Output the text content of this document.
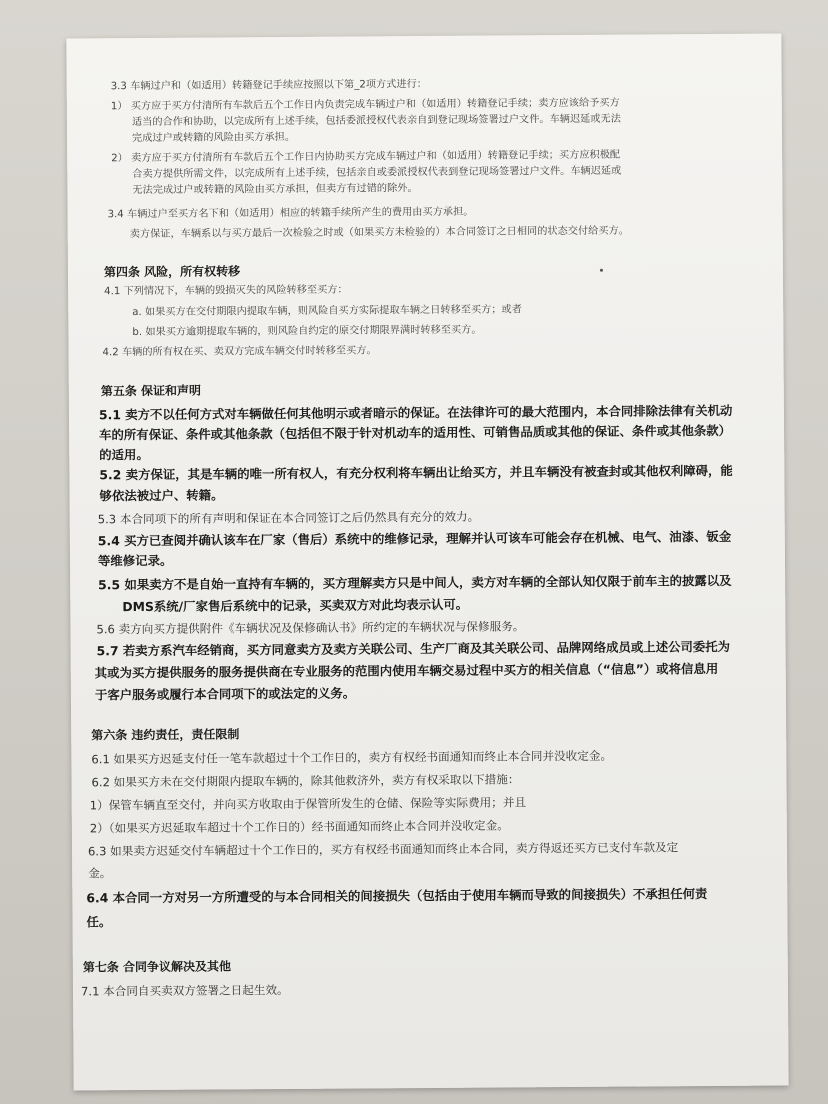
3.3 车辆过户和（如适用）转籍登记手续应按照以下第_2项方式进行：
1） 买方应于买方付清所有车款后五个工作日内负责完成车辆过户和（如适用）转籍登记手续；卖方应该给予买方
适当的合作和协助，以完成所有上述手续，包括委派授权代表亲自到登记现场签署过户文件。车辆迟延或无法
完成过户或转籍的风险由买方承担。
2） 卖方应于买方付清所有车款后五个工作日内协助买方完成车辆过户和（如适用）转籍登记手续；买方应积极配
合卖方提供所需文件，以完成所有上述手续，包括亲自或委派授权代表到登记现场签署过户文件。车辆迟延或
无法完成过户或转籍的风险由买方承担，但卖方有过错的除外。
3.4 车辆过户至买方名下和（如适用）相应的转籍手续所产生的费用由买方承担。
卖方保证，车辆系以与买方最后一次检验之时或（如果买方未检验的）本合同签订之日相同的状态交付给买方。
第四条 风险，所有权转移
4.1 下列情况下，车辆的毁损灭失的风险转移至买方：
a. 如果买方在交付期限内提取车辆，则风险自买方实际提取车辆之日转移至买方；或者
b. 如果买方逾期提取车辆的，则风险自约定的原交付期限界满时转移至买方。
4.2 车辆的所有权在买、卖双方完成车辆交付时转移至买方。
第五条 保证和声明
5.1 卖方不以任何方式对车辆做任何其他明示或者暗示的保证。在法律许可的最大范围内，本合同排除法律有关机动
车的所有保证、条件或其他条款（包括但不限于针对机动车的适用性、可销售品质或其他的保证、条件或其他条款）
的适用。
5.2 卖方保证，其是车辆的唯一所有权人，有充分权利将车辆出让给买方，并且车辆没有被查封或其他权利障碍，能
够依法被过户、转籍。
5.3 本合同项下的所有声明和保证在本合同签订之后仍然具有充分的效力。
5.4 买方已查阅并确认该车在厂家（售后）系统中的维修记录，理解并认可该车可能会存在机械、电气、油漆、钣金
等维修记录。
5.5 如果卖方不是自始一直持有车辆的，买方理解卖方只是中间人，卖方对车辆的全部认知仅限于前车主的披露以及
DMS系统/厂家售后系统中的记录，买卖双方对此均表示认可。
5.6 卖方向买方提供附件《车辆状况及保修确认书》所约定的车辆状况与保修服务。
5.7 若卖方系汽车经销商，买方同意卖方及卖方关联公司、生产厂商及其关联公司、品牌网络成员或上述公司委托为
其或为买方提供服务的服务提供商在专业服务的范围内使用车辆交易过程中买方的相关信息（“信息”）或将信息用
于客户服务或履行本合同项下的或法定的义务。
第六条 违约责任，责任限制
6.1 如果买方迟延支付任一笔车款超过十个工作日的，卖方有权经书面通知而终止本合同并没收定金。
6.2 如果买方未在交付期限内提取车辆的，除其他救济外，卖方有权采取以下措施：
1）保管车辆直至交付，并向买方收取由于保管所发生的仓储、保险等实际费用；并且
2）（如果买方迟延取车超过十个工作日的）经书面通知而终止本合同并没收定金。
6.3 如果卖方迟延交付车辆超过十个工作日的，买方有权经书面通知而终止本合同，卖方得返还买方已支付车款及定
金。
6.4 本合同一方对另一方所遭受的与本合同相关的间接损失（包括由于使用车辆而导致的间接损失）不承担任何责
任。
第七条 合同争议解决及其他
7.1 本合同自买卖双方签署之日起生效。
